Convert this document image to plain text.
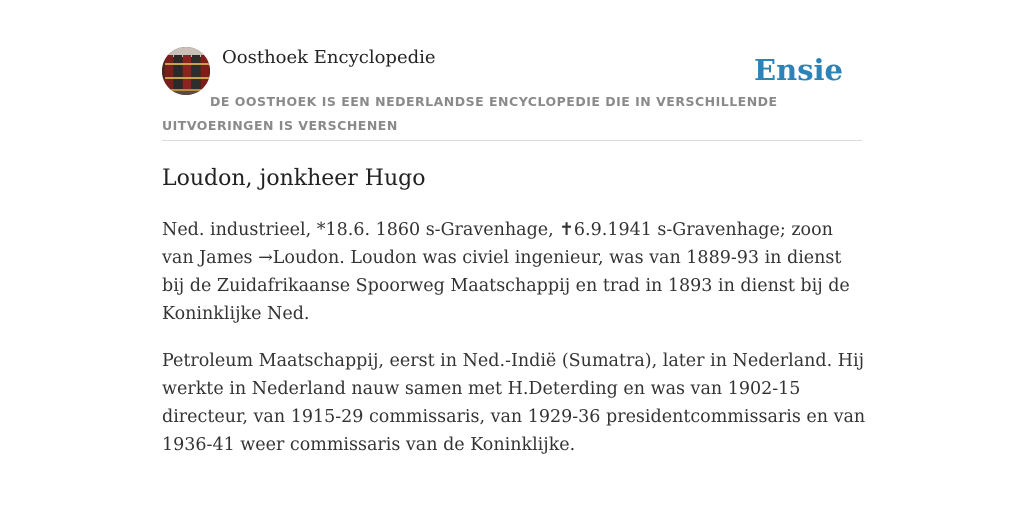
Oosthoek Encyclopedie	Ensie
DE OOSTHOEK IS EEN NEDERLANDSE ENCYCLOPEDIE DIE IN VERSCHILLENDE UITVOERINGEN IS VERSCHENEN
Loudon, jonkheer Hugo

Ned. industrieel, *18.6. 1860 s-Gravenhage, ✝6.9.1941 s-Gravenhage; zoon van James →Loudon. Loudon was civiel ingenieur, was van 1889-93 in dienst bij de Zuidafrikaanse Spoorweg Maatschappij en trad in 1893 in dienst bij de Koninklijke Ned.

Petroleum Maatschappij, eerst in Ned.-Indië (Sumatra), later in Nederland. Hij werkte in Nederland nauw samen met H.Deterding en was van 1902-15 directeur, van 1915-29 commissaris, van 1929-36 presidentcommissaris en van 1936-41 weer commissaris van de Koninklijke.
